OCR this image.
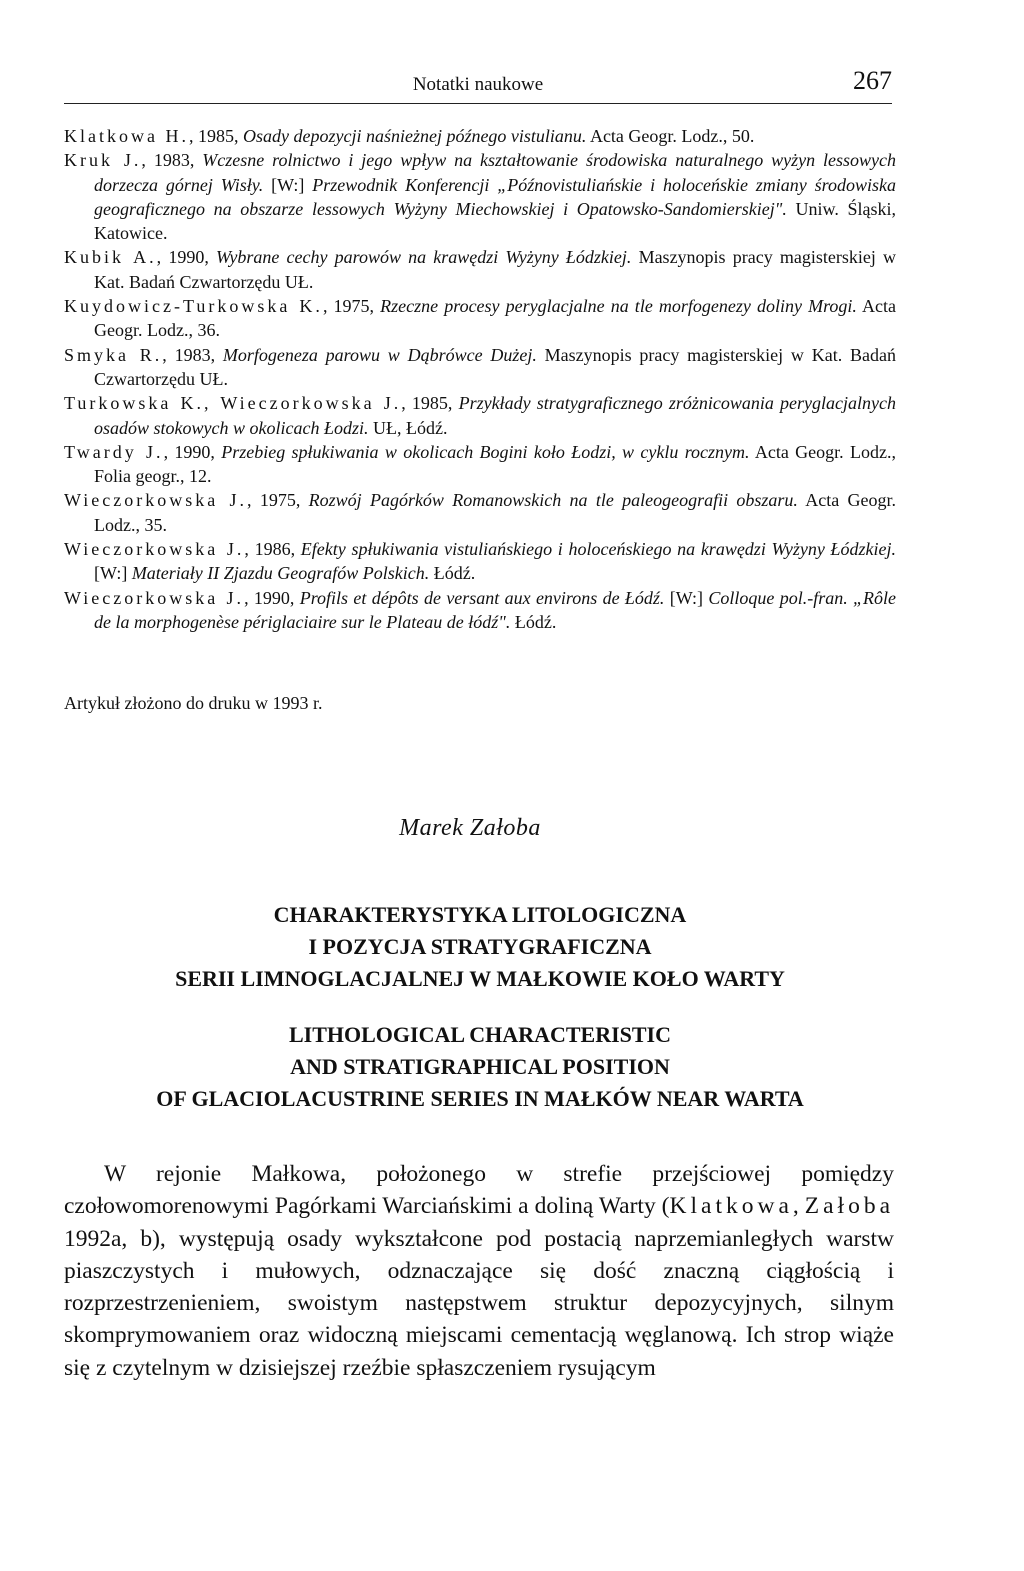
Notatki naukowe	267
Klatkowa H., 1985, Osady depozycji naśnieżnej późnego vistulianu. Acta Geogr. Lodz., 50.
Kruk J., 1983, Wczesne rolnictwo i jego wpływ na kształtowanie środowiska naturalnego wyżyn lessowych dorzecza górnej Wisły. [W:] Przewodnik Konferencji „Późnovistuliańskie i holoceńskie zmiany środowiska geograficznego na obszarze lessowych Wyżyny Miechowskiej i Opatowsko-Sandomierskiej". Uniw. Śląski, Katowice.
Kubik A., 1990, Wybrane cechy parowów na krawędzi Wyżyny Łódzkiej. Maszynopis pracy magisterskiej w Kat. Badań Czwartorzędu UŁ.
Kuydowicz-Turkowska K., 1975, Rzeczne procesy peryglacjalne na tle morfogenezy doliny Mrogi. Acta Geogr. Lodz., 36.
Smyka R., 1983, Morfogeneza parowu w Dąbrówce Dużej. Maszynopis pracy magisterskiej w Kat. Badań Czwartorzędu UŁ.
Turkowska K., Wieczorkowska J., 1985, Przykłady stratygraficznego zróżnicowania peryglacjalnych osadów stokowych w okolicach Łodzi. UŁ, Łódź.
Twardy J., 1990, Przebieg spłukiwania w okolicach Bogini koło Łodzi, w cyklu rocznym. Acta Geogr. Lodz., Folia geogr., 12.
Wieczorkowska J., 1975, Rozwój Pagórków Romanowskich na tle paleogeografii obszaru. Acta Geogr. Lodz., 35.
Wieczorkowska J., 1986, Efekty spłukiwania vistuliańskiego i holoceńskiego na krawędzi Wyżyny Łódzkiej. [W:] Materiały II Zjazdu Geografów Polskich. Łódź.
Wieczorkowska J., 1990, Profils et dépôts de versant aux environs de Łódź. [W:] Colloque pol.-fran. „Rôle de la morphogenèse périglaciaire sur le Plateau de łódź". Łódź.
Artykuł złożono do druku w 1993 r.
Marek Załoba
CHARAKTERYSTYKA LITOLOGICZNA
I POZYCJA STRATYGRAFICZNA
SERII LIMNOGLACJALNEJ W MAŁKOWIE KOŁO WARTY
LITHOLOGICAL CHARACTERISTIC
AND STRATIGRAPHICAL POSITION
OF GLACIOLACUSTRINE SERIES IN MAŁKÓW NEAR WARTA

W rejonie Małkowa, położonego w strefie przejściowej pomiędzy czołowomorenowymi Pagórkami Warciańskimi a doliną Warty (Klatkowa, Załoba 1992a, b), występują osady wykształcone pod postacią naprzemianległych warstw piaszczystych i mułowych, odznaczające się dość znaczną ciągłością i rozprzestrzenieniem, swoistym następstwem struktur depozycyjnych, silnym skomprymowaniem oraz widoczną miejscami cementacją węglanową. Ich strop wiąże się z czytelnym w dzisiejszej rzeźbie spłaszczeniem rysującym
